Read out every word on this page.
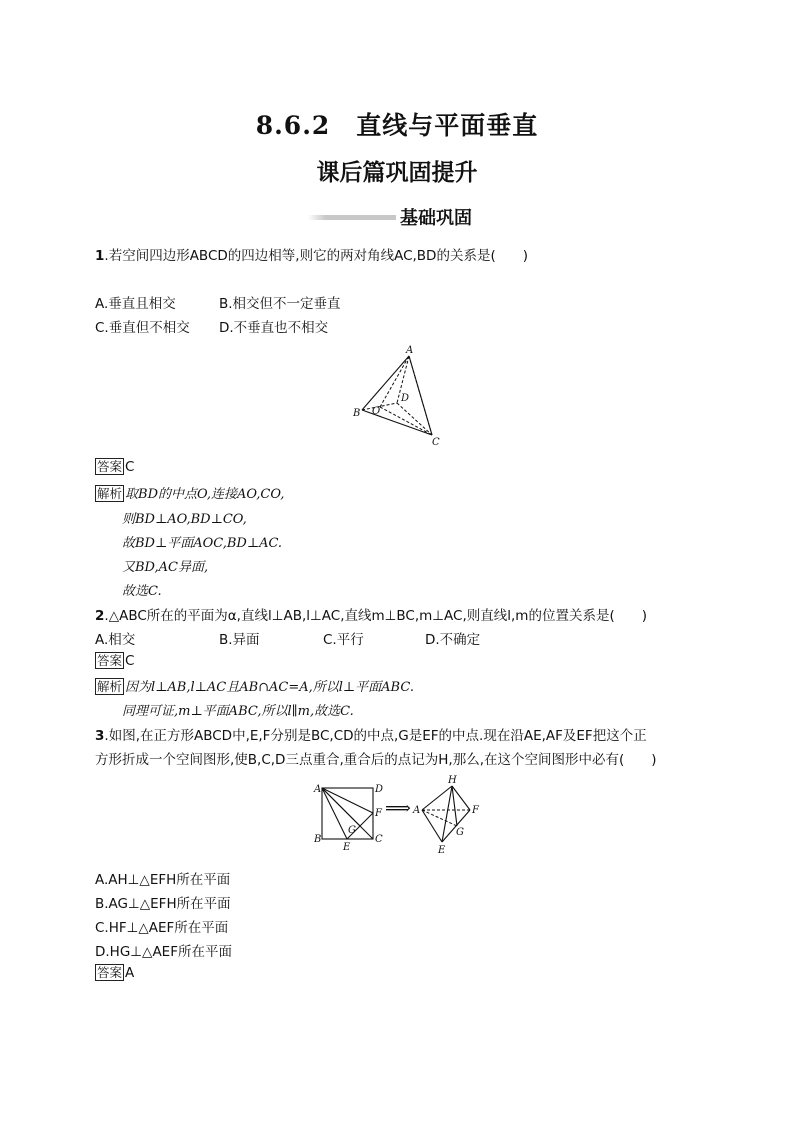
8.6.2　直线与平面垂直
课后篇巩固提升
基础巩固
1.若空间四边形ABCD的四边相等,则它的两对角线AC,BD的关系是(　　)
A.垂直且相交	B.相交但不一定垂直
C.垂直但不相交 D.不垂直也不相交
A
B
C
D
O
答案 C
解析 取BD的中点O,连接AO,CO,
则BD⊥AO,BD⊥CO,
故BD⊥平面AOC,BD⊥AC.
又BD,AC异面,
故选C.
2.△ABC所在的平面为α,直线l⊥AB,l⊥AC,直线m⊥BC,m⊥AC,则直线l,m的位置关系是(　　)
A.相交	B.异面	C.平行	D.不确定
答案 C
解析 因为l⊥AB,l⊥AC且AB∩AC=A,所以l⊥平面ABC.
同理可证,m⊥平面ABC,所以l∥m,故选C.
3.如图,在正方形ABCD中,E,F分别是BC,CD的中点,G是EF的中点.现在沿AE,AF及EF把这个正
方形折成一个空间图形,使B,C,D三点重合,重合后的点记为H,那么,在这个空间图形中必有(　　)
A	D
F
G
B
E
C
⟹
H
A	F
G
E
A.AH⊥△EFH所在平面
B.AG⊥△EFH所在平面
C.HF⊥△AEF所在平面
D.HG⊥△AEF所在平面
答案 A
